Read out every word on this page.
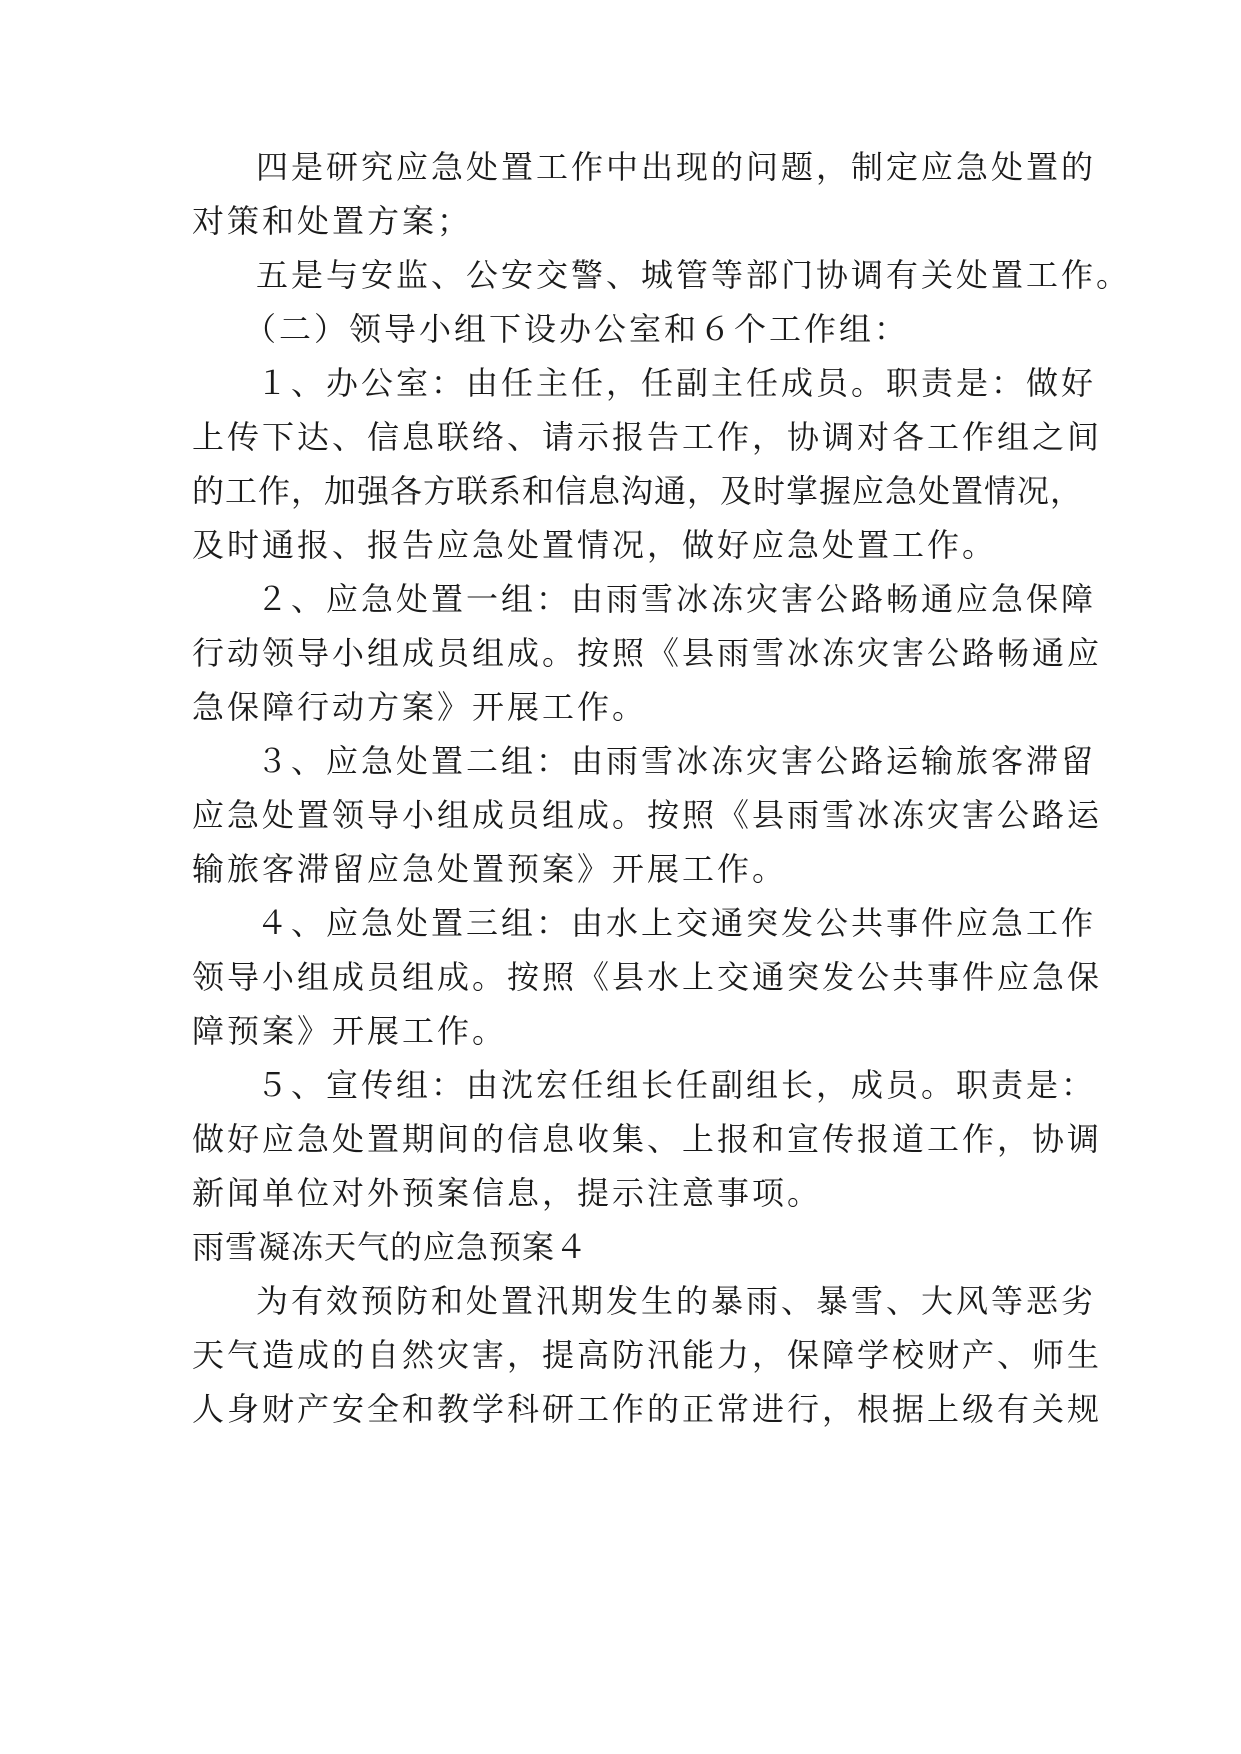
四是研究应急处置工作中出现的问题，制定应急处置的
对策和处置方案；
五是与安监、公安交警、城管等部门协调有关处置工作。
（二）领导小组下设办公室和６个工作组：
１、办公室：由任主任，任副主任成员。职责是：做好
上传下达、信息联络、请示报告工作，协调对各工作组之间
的工作，加强各方联系和信息沟通，及时掌握应急处置情况，
及时通报、报告应急处置情况，做好应急处置工作。
２、应急处置一组：由雨雪冰冻灾害公路畅通应急保障
行动领导小组成员组成。按照《县雨雪冰冻灾害公路畅通应
急保障行动方案》开展工作。
３、应急处置二组：由雨雪冰冻灾害公路运输旅客滞留
应急处置领导小组成员组成。按照《县雨雪冰冻灾害公路运
输旅客滞留应急处置预案》开展工作。
４、应急处置三组：由水上交通突发公共事件应急工作
领导小组成员组成。按照《县水上交通突发公共事件应急保
障预案》开展工作。
５、宣传组：由沈宏任组长任副组长，成员。职责是：
做好应急处置期间的信息收集、上报和宣传报道工作，协调
新闻单位对外预案信息，提示注意事项。
雨雪凝冻天气的应急预案４
为有效预防和处置汛期发生的暴雨、暴雪、大风等恶劣
天气造成的自然灾害，提高防汛能力，保障学校财产、师生
人身财产安全和教学科研工作的正常进行，根据上级有关规
